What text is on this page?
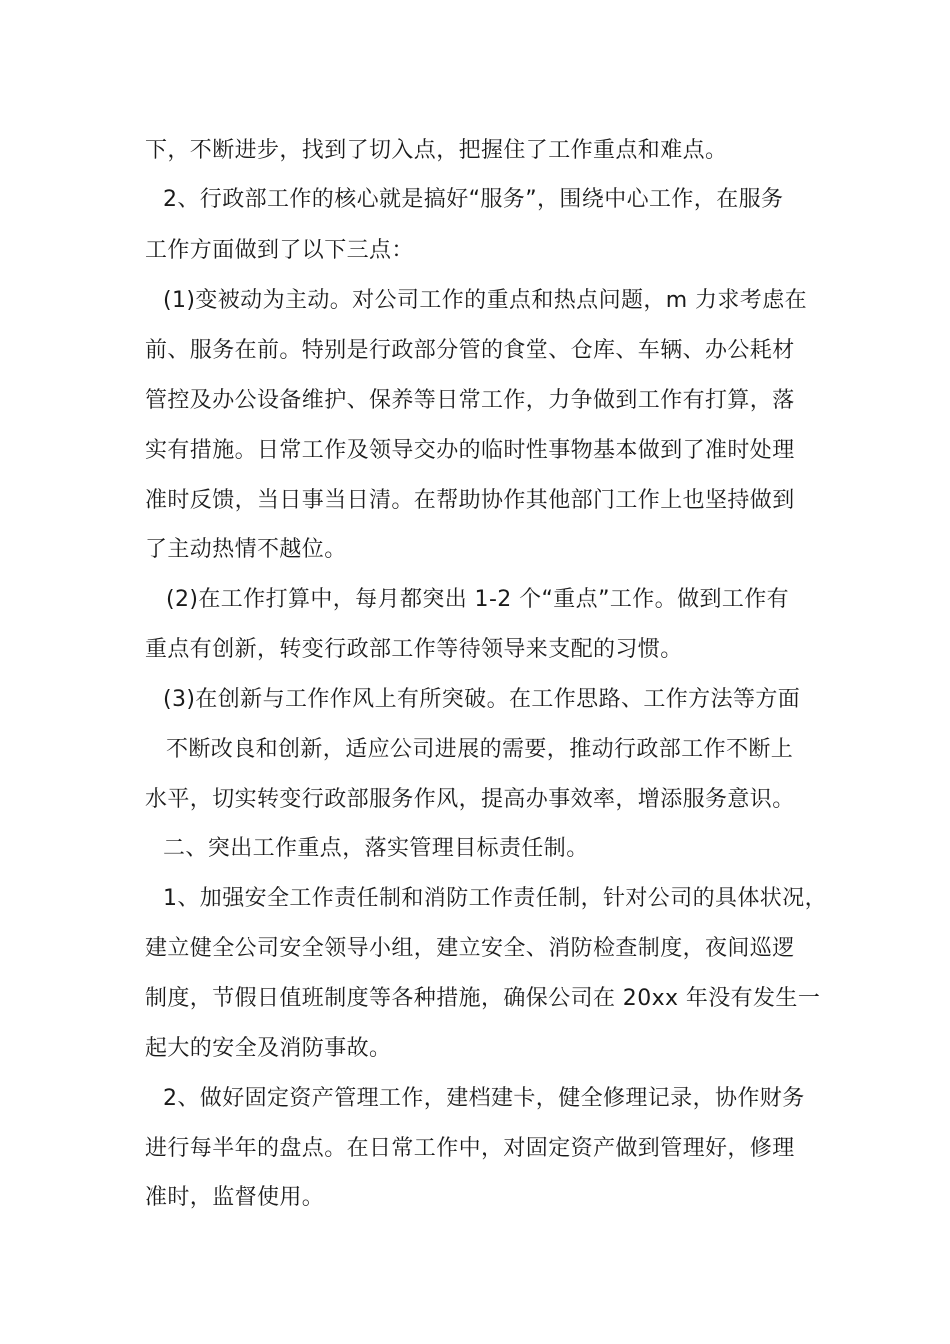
下，不断进步，找到了切入点，把握住了工作重点和难点。
2、行政部工作的核心就是搞好“服务”，围绕中心工作，在服务
工作方面做到了以下三点：
(1)变被动为主动。对公司工作的重点和热点问题，m 力求考虑在
前、服务在前。特别是行政部分管的食堂、仓库、车辆、办公耗材
管控及办公设备维护、保养等日常工作，力争做到工作有打算，落
实有措施。日常工作及领导交办的临时性事物基本做到了准时处理
准时反馈，当日事当日清。在帮助协作其他部门工作上也坚持做到
了主动热情不越位。
(2)在工作打算中，每月都突出 1-2 个“重点”工作。做到工作有
重点有创新，转变行政部工作等待领导来支配的习惯。
(3)在创新与工作作风上有所突破。在工作思路、工作方法等方面
不断改良和创新，适应公司进展的需要，推动行政部工作不断上
水平，切实转变行政部服务作风，提高办事效率，增添服务意识。
二、突出工作重点，落实管理目标责任制。
1、加强安全工作责任制和消防工作责任制，针对公司的具体状况，
建立健全公司安全领导小组，建立安全、消防检查制度，夜间巡逻
制度，节假日值班制度等各种措施，确保公司在 20xx 年没有发生一
起大的安全及消防事故。
2、做好固定资产管理工作，建档建卡，健全修理记录，协作财务
进行每半年的盘点。在日常工作中，对固定资产做到管理好，修理
准时，监督使用。
